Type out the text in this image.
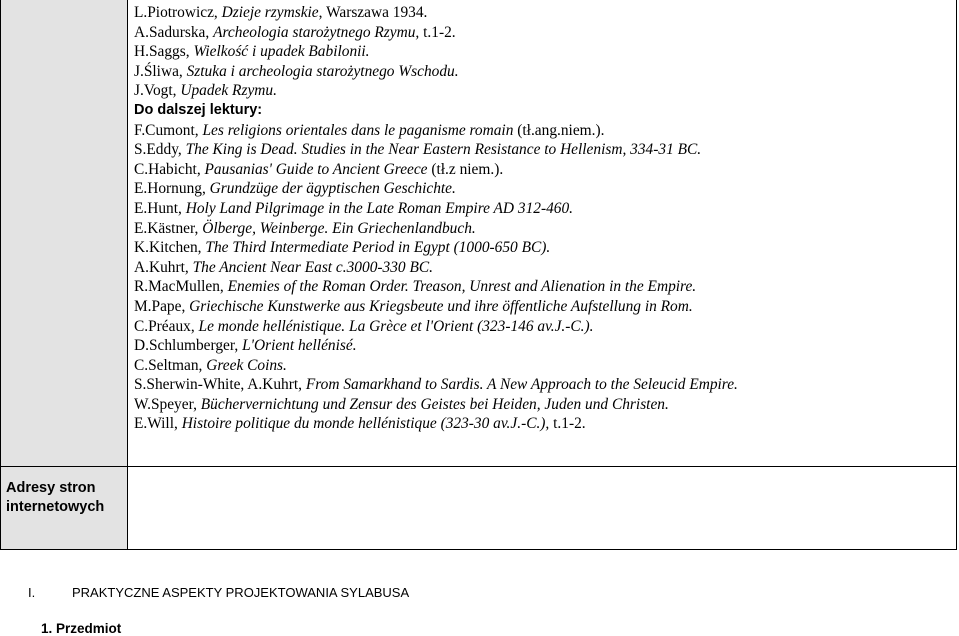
L.Piotrowicz, Dzieje rzymskie, Warszawa 1934.
A.Sadurska, Archeologia starożytnego Rzymu, t.1-2.
H.Saggs, Wielkość i upadek Babilonii.
J.Śliwa, Sztuka i archeologia starożytnego Wschodu.
J.Vogt, Upadek Rzymu.
Do dalszej lektury:
F.Cumont, Les religions orientales dans le paganisme romain (tł.ang.niem.).
S.Eddy, The King is Dead. Studies in the Near Eastern Resistance to Hellenism, 334-31 BC.
C.Habicht, Pausanias' Guide to Ancient Greece (tł.z niem.).
E.Hornung, Grundzüge der ägyptischen Geschichte.
E.Hunt, Holy Land Pilgrimage in the Late Roman Empire AD 312-460.
E.Kästner, Ölberge, Weinberge. Ein Griechenlandbuch.
K.Kitchen, The Third Intermediate Period in Egypt (1000-650 BC).
A.Kuhrt, The Ancient Near East c.3000-330 BC.
R.MacMullen, Enemies of the Roman Order. Treason, Unrest and Alienation in the Empire.
M.Pape, Griechische Kunstwerke aus Kriegsbeute und ihre öffentliche Aufstellung in Rom.
C.Préaux, Le monde hellénistique. La Grèce et l'Orient (323-146 av.J.-C.).
D.Schlumberger, L'Orient hellénisé.
C.Seltman, Greek Coins.
S.Sherwin-White, A.Kuhrt, From Samarkhand to Sardis. A New Approach to the Seleucid Empire.
W.Speyer, Büchervernichtung und Zensur des Geistes bei Heiden, Juden und Christen.
E.Will, Histoire politique du monde hellénistique (323-30 av.J.-C.), t.1-2.
Adresy stron internetowych
I.	PRAKTYCZNE ASPEKTY PROJEKTOWANIA SYLABUSA
1. Przedmiot
